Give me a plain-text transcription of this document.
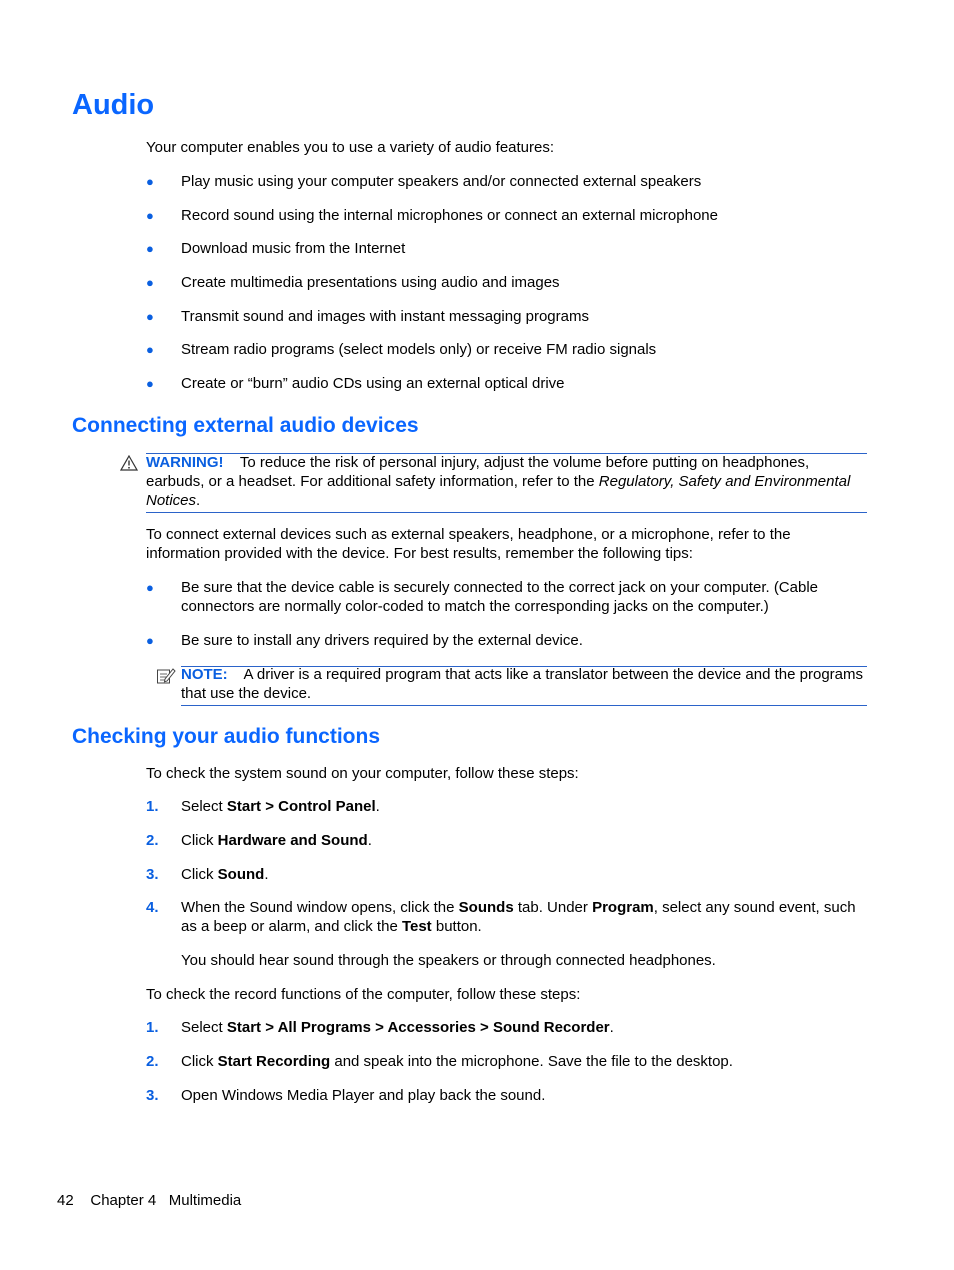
Audio
Your computer enables you to use a variety of audio features:
● Play music using your computer speakers and/or connected external speakers
● Record sound using the internal microphones or connect an external microphone
● Download music from the Internet
● Create multimedia presentations using audio and images
● Transmit sound and images with instant messaging programs
● Stream radio programs (select models only) or receive FM radio signals
● Create or “burn” audio CDs using an external optical drive
Connecting external audio devices
WARNING! To reduce the risk of personal injury, adjust the volume before putting on headphones, earbuds, or a headset. For additional safety information, refer to the Regulatory, Safety and Environmental Notices.
To connect external devices such as external speakers, headphone, or a microphone, refer to the information provided with the device. For best results, remember the following tips:
● Be sure that the device cable is securely connected to the correct jack on your computer. (Cable connectors are normally color-coded to match the corresponding jacks on the computer.)
● Be sure to install any drivers required by the external device.
NOTE: A driver is a required program that acts like a translator between the device and the programs that use the device.
Checking your audio functions
To check the system sound on your computer, follow these steps:
1. Select Start > Control Panel.
2. Click Hardware and Sound.
3. Click Sound.
4. When the Sound window opens, click the Sounds tab. Under Program, select any sound event, such as a beep or alarm, and click the Test button.
You should hear sound through the speakers or through connected headphones.
To check the record functions of the computer, follow these steps:
1. Select Start > All Programs > Accessories > Sound Recorder.
2. Click Start Recording and speak into the microphone. Save the file to the desktop.
3. Open Windows Media Player and play back the sound.
42 Chapter 4 Multimedia
